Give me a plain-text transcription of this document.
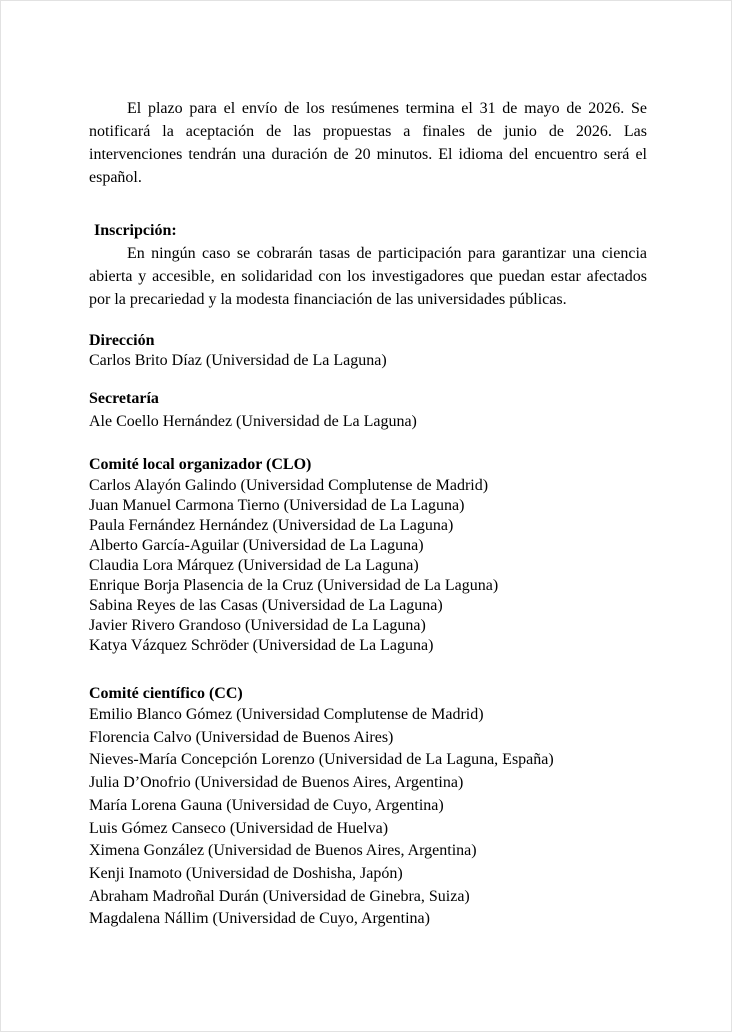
El plazo para el envío de los resúmenes termina el 31 de mayo de 2026. Se notificará la aceptación de las propuestas a finales de junio de 2026. Las intervenciones tendrán una duración de 20 minutos. El idioma del encuentro será el español.

Inscripción:

En ningún caso se cobrarán tasas de participación para garantizar una ciencia abierta y accesible, en solidaridad con los investigadores que puedan estar afectados por la precariedad y la modesta financiación de las universidades públicas.

Dirección

Carlos Brito Díaz (Universidad de La Laguna)

Secretaría

Ale Coello Hernández (Universidad de La Laguna)

Comité local organizador (CLO)
Carlos Alayón Galindo (Universidad Complutense de Madrid)
Juan Manuel Carmona Tierno (Universidad de La Laguna)
Paula Fernández Hernández (Universidad de La Laguna)
Alberto García-Aguilar (Universidad de La Laguna)
Claudia Lora Márquez (Universidad de La Laguna)
Enrique Borja Plasencia de la Cruz (Universidad de La Laguna)
Sabina Reyes de las Casas (Universidad de La Laguna)
Javier Rivero Grandoso (Universidad de La Laguna)
Katya Vázquez Schröder (Universidad de La Laguna)
Comité científico (CC)
Emilio Blanco Gómez (Universidad Complutense de Madrid)
Florencia Calvo (Universidad de Buenos Aires)
Nieves-María Concepción Lorenzo (Universidad de La Laguna, España)
Julia D’Onofrio (Universidad de Buenos Aires, Argentina)
María Lorena Gauna (Universidad de Cuyo, Argentina)
Luis Gómez Canseco (Universidad de Huelva)
Ximena González (Universidad de Buenos Aires, Argentina)
Kenji Inamoto (Universidad de Doshisha, Japón)
Abraham Madroñal Durán (Universidad de Ginebra, Suiza)
Magdalena Nállim (Universidad de Cuyo, Argentina)
